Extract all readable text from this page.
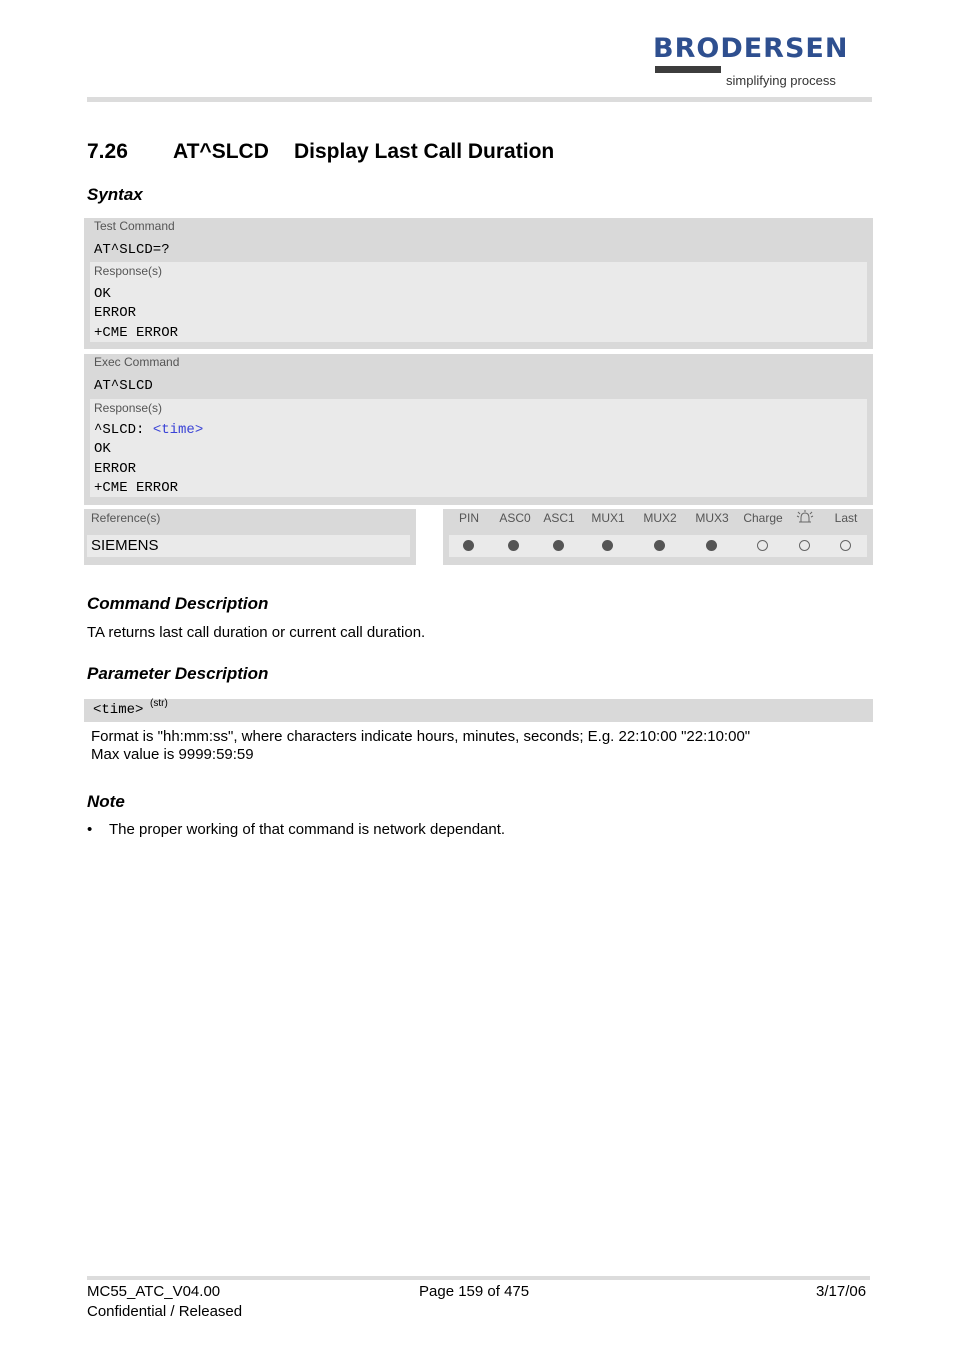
BRODERSEN
simplifying process
7.26 AT^SLCD Display Last Call Duration
Syntax
Test Command
AT^SLCD=?
Response(s)
OK
ERROR
+CME ERROR
Exec Command
AT^SLCD
Response(s)
^SLCD: <time>
OK
ERROR
+CME ERROR
Reference(s)
SIEMENS
PIN	ASC0	ASC1	MUX1	MUX2	MUX3	Charge	Last
Command Description
TA returns last call duration or current call duration.
Parameter Description
<time> (str)
Format is "hh:mm:ss", where characters indicate hours, minutes, seconds; E.g. 22:10:00 "22:10:00"
Max value is 9999:59:59
Note
• The proper working of that command is network dependant.
MC55_ATC_V04.00
Confidential / Released
Page 159 of 475	3/17/06
